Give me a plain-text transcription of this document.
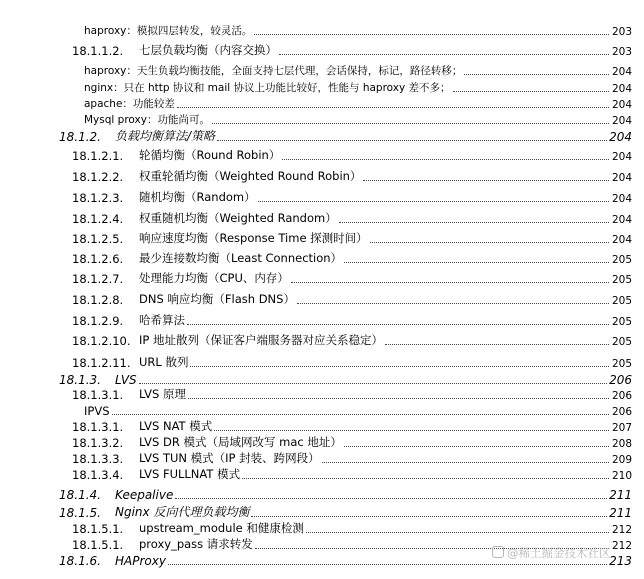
haproxy：模拟四层转发，较灵活。	203
18.1.1.2.	七层负载均衡（内容交换）	203
haproxy：天生负载均衡技能，全面支持七层代理，会话保持，标记，路径转移；	204
nginx：只在 http 协议和 mail 协议上功能比较好，性能与 haproxy 差不多；	204
apache：功能较差	204
Mysql proxy：功能尚可。	204
18.1.2.	负载均衡算法/策略	204
18.1.2.1.	轮循均衡（Round Robin）	204
18.1.2.2.	权重轮循均衡（Weighted Round Robin）	204
18.1.2.3.	随机均衡（Random）	204
18.1.2.4.	权重随机均衡（Weighted Random）	204
18.1.2.5.	响应速度均衡（Response Time 探测时间）	204
18.1.2.6.	最少连接数均衡（Least Connection）	205
18.1.2.7.	处理能力均衡（CPU、内存）	205
18.1.2.8.	DNS 响应均衡（Flash DNS）	205
18.1.2.9.	哈希算法	205
18.1.2.10. IP 地址散列（保证客户端服务器对应关系稳定）	205
18.1.2.11. URL 散列	205
18.1.3.	LVS	206
18.1.3.1.	LVS 原理	206
IPVS	206
18.1.3.1.	LVS NAT 模式	207
18.1.3.2.	LVS DR 模式（局域网改写 mac 地址）	208
18.1.3.3.	LVS TUN 模式（IP 封装、跨网段）	209
18.1.3.4.	LVS FULLNAT 模式	210
18.1.4.	Keepalive	211
18.1.5.	Nginx 反向代理负载均衡	211
18.1.5.1.	upstream_module 和健康检测	212
18.1.5.1.	proxy_pass 请求转发	212
18.1.6.	HAProxy	213
@稀土掘金技术社区
